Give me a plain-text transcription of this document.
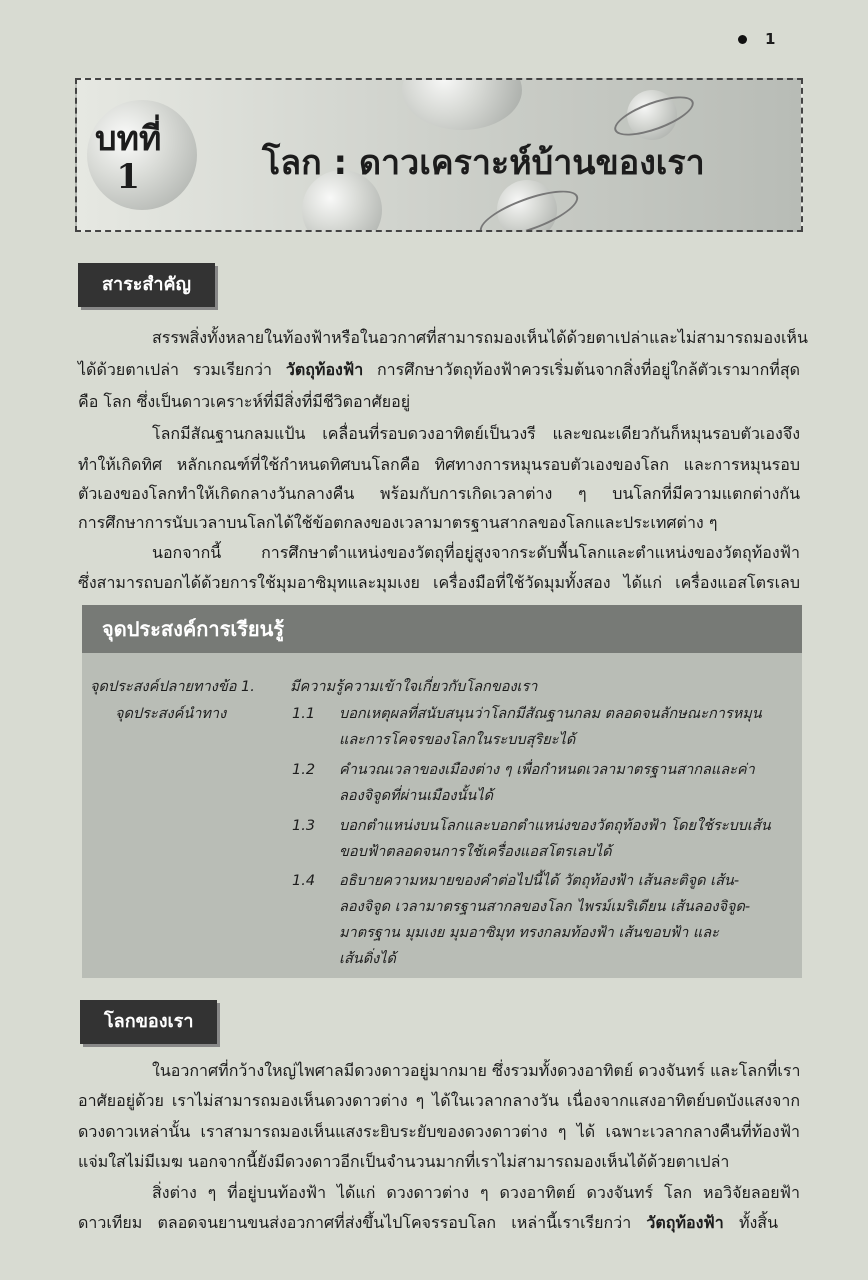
1
บทที่
1	โลก : ดาวเคราะห์บ้านของเรา
สาระสำคัญ
สรรพสิ่งทั้งหลายในท้องฟ้าหรือในอวกาศที่สามารถมองเห็นได้ด้วยตาเปล่าและไม่สามารถมองเห็น
ได้ด้วยตาเปล่า รวมเรียกว่า วัตถุท้องฟ้า การศึกษาวัตถุท้องฟ้าควรเริ่มต้นจากสิ่งที่อยู่ใกล้ตัวเรามากที่สุด
คือ โลก ซึ่งเป็นดาวเคราะห์ที่มีสิ่งที่มีชีวิตอาศัยอยู่
โลกมีสัณฐานกลมแป้น เคลื่อนที่รอบดวงอาทิตย์เป็นวงรี และขณะเดียวกันก็หมุนรอบตัวเองจึง
ทำให้เกิดทิศ หลักเกณฑ์ที่ใช้กำหนดทิศบนโลกคือ ทิศทางการหมุนรอบตัวเองของโลก และการหมุนรอบ
ตัวเองของโลกทำให้เกิดกลางวันกลางคืน พร้อมกับการเกิดเวลาต่าง ๆ บนโลกที่มีความแตกต่างกัน
การศึกษาการนับเวลาบนโลกได้ใช้ข้อตกลงของเวลามาตรฐานสากลของโลกและประเทศต่าง ๆ
นอกจากนี้ การศึกษาตำแหน่งของวัตถุที่อยู่สูงจากระดับพื้นโลกและตำแหน่งของวัตถุท้องฟ้า
ซึ่งสามารถบอกได้ด้วยการใช้มุมอาซิมุทและมุมเงย เครื่องมือที่ใช้วัดมุมทั้งสอง ได้แก่ เครื่องแอสโตรเลบ
จุดประสงค์การเรียนรู้
จุดประสงค์ปลายทางข้อ 1. มีความรู้ความเข้าใจเกี่ยวกับโลกของเรา
จุดประสงค์นำทาง	1.1 บอกเหตุผลที่สนับสนุนว่าโลกมีสัณฐานกลม ตลอดจนลักษณะการหมุน
และการโคจรของโลกในระบบสุริยะได้
1.2 คำนวณเวลาของเมืองต่าง ๆ เพื่อกำหนดเวลามาตรฐานสากลและค่า
ลองจิจูดที่ผ่านเมืองนั้นได้
1.3 บอกตำแหน่งบนโลกและบอกตำแหน่งของวัตถุท้องฟ้า โดยใช้ระบบเส้น
ขอบฟ้าตลอดจนการใช้เครื่องแอสโตรเลบได้
1.4 อธิบายความหมายของคำต่อไปนี้ได้ วัตถุท้องฟ้า เส้นละติจูด เส้น-
ลองจิจูด เวลามาตรฐานสากลของโลก ไพรม์เมริเดียน เส้นลองจิจูด-
มาตรฐาน มุมเงย มุมอาซิมุท ทรงกลมท้องฟ้า เส้นขอบฟ้า และ
เส้นดิ่งได้
โลกของเรา
ในอวกาศที่กว้างใหญ่ไพศาลมีดวงดาวอยู่มากมาย ซึ่งรวมทั้งดวงอาทิตย์ ดวงจันทร์ และโลกที่เรา
อาศัยอยู่ด้วย เราไม่สามารถมองเห็นดวงดาวต่าง ๆ ได้ในเวลากลางวัน เนื่องจากแสงอาทิตย์บดบังแสงจาก
ดวงดาวเหล่านั้น เราสามารถมองเห็นแสงระยิบระยับของดวงดาวต่าง ๆ ได้ เฉพาะเวลากลางคืนที่ท้องฟ้า
แจ่มใสไม่มีเมฆ นอกจากนี้ยังมีดวงดาวอีกเป็นจำนวนมากที่เราไม่สามารถมองเห็นได้ด้วยตาเปล่า
สิ่งต่าง ๆ ที่อยู่บนท้องฟ้า ได้แก่ ดวงดาวต่าง ๆ ดวงอาทิตย์ ดวงจันทร์ โลก หอวิจัยลอยฟ้า
ดาวเทียม ตลอดจนยานขนส่งอวกาศที่ส่งขึ้นไปโคจรรอบโลก เหล่านี้เราเรียกว่า วัตถุท้องฟ้า ทั้งสิ้น
